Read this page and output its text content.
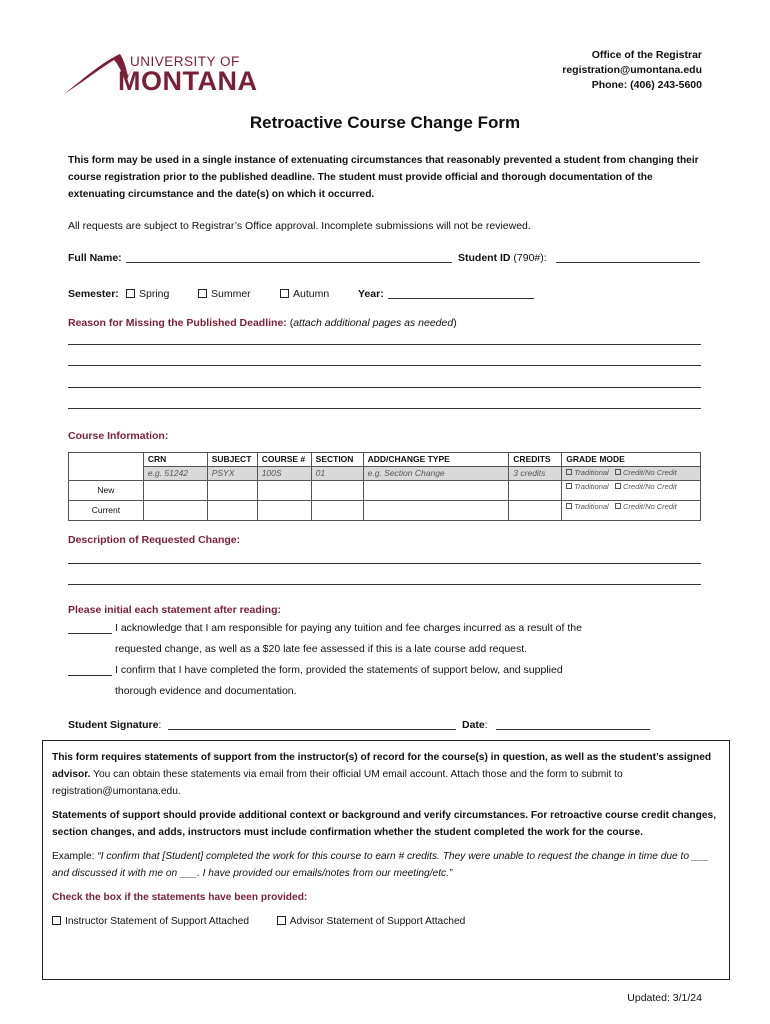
UNIVERSITY OF
MONTANA
Office of the Registrar
registration@umontana.edu
Phone: (406) 243-5600
Retroactive Course Change Form
This form may be used in a single instance of extenuating circumstances that reasonably prevented a student from changing their course registration prior to the published deadline. The student must provide official and thorough documentation of the extenuating circumstance and the date(s) on which it occurred.
All requests are subject to Registrar’s Office approval. Incomplete submissions will not be reviewed.
Full Name:	Student ID (790#):
Semester:	Spring	Summer	Autumn	Year:
Reason for Missing the Published Deadline: (attach additional pages as needed)
Course Information:
	CRN	SUBJECT	COURSE #	SECTION	ADD/CHANGE TYPE	CREDITS	GRADE MODE
	e.g. 51242	PSYX	100S	01	e.g. Section Change	3 credits	Traditional Credit/No Credit
New							Traditional Credit/No Credit
Current							Traditional Credit/No Credit
Description of Requested Change:
Please initial each statement after reading:
I acknowledge that I am responsible for paying any tuition and fee charges incurred as a result of the
requested change, as well as a $20 late fee assessed if this is a late course add request.
I confirm that I have completed the form, provided the statements of support below, and supplied
thorough evidence and documentation.
Student Signature:	Date:

This form requires statements of support from the instructor(s) of record for the course(s) in question, as well as the student’s assigned advisor. You can obtain these statements via email from their official UM email account. Attach those and the form to submit to registration@umontana.edu.

Statements of support should provide additional context or background and verify circumstances. For retroactive course credit changes, section changes, and adds, instructors must include confirmation whether the student completed the work for the course.

Example: “I confirm that [Student] completed the work for this course to earn # credits. They were unable to request the change in time due to ___ and discussed it with me on ___. I have provided our emails/notes from our meeting/etc.”

Check the box if the statements have been provided:

Instructor Statement of Support Attached	Advisor Statement of Support Attached
Updated: 3/1/24
